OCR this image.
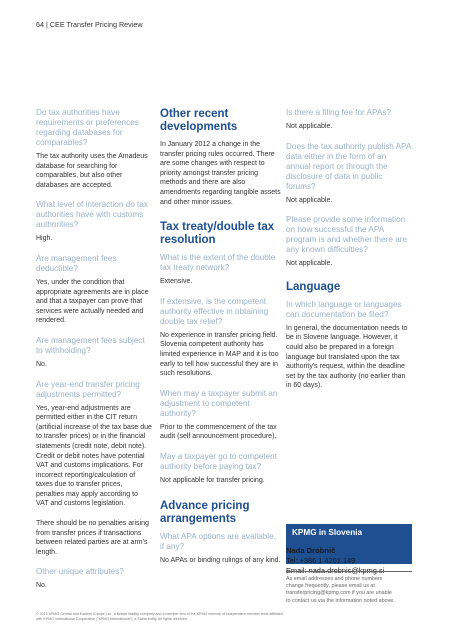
64 | CEE Transfer Pricing Review
Do tax authorities have requirements or preferences regarding databases for comparables?
The tax authority uses the Amadeus database for searching for comparables, but also other databases are accepted.
What level of interaction do tax authorities have with customs authorities?
High.
Are management fees deductible?
Yes, under the condition that appropriate agreements are in place and that a taxpayer can prove that services were actually needed and rendered.
Are management fees subject to withholding?
No.
Are year-end transfer pricing adjustments permitted?
Yes, year-end adjustments are permitted either in the CIT return (artificial increase of the tax base due to transfer prices) or in the financial statements (credit note, debit note). Credit or debit notes have potential VAT and customs implications. For incorrect reporting/calculation of taxes due to transfer prices, penalties may apply according to VAT and customs legislation.
There should be no penalties arising from transfer prices if transactions between related parties are at arm's length.
Other unique attributes?
No.
Other recent developments
In January 2012 a change in the transfer pricing rules occurred. There are some changes with respect to priority amongst transfer pricing methods and there are also amendments regarding tangible assets and other minor issues.
Tax treaty/double tax resolution
What is the extent of the double tax treaty network?
Extensive.
If extensive, is the competent authority effective in obtaining double tax relief?
No experience in transfer pricing field. Slovenia competent authority has limited experience in MAP and it is too early to tell how successful they are in such resolutions.
When may a taxpayer submit an adjustment to competent authority?
Prior to the commencement of the tax audit (self announcement procedure).
May a taxpayer go to competent authority before paying tax?
Not applicable for transfer pricing.
Advance pricing arrangements
What APA options are available, if any?
No APAs or binding rulings of any kind.
Is there a filing fee for APAs?
Not applicable.
Does the tax authority publish APA data either in the form of an annual report or through the disclosure of data in public forums?
Not applicable.
Please provide some information on how successful the APA program is and whether there are any known difficulties?
Not applicable.
Language
In which language or languages can documentation be filed?
In general, the documentation needs to be in Slovene language. However, it could also be prepared in a foreign language but translated upon the tax authority's request, within the deadline set by the tax authority (no earlier than in 60 days).
KPMG in Slovenia
Nada Drobnič
Tel: +386 1 4201 149
As email addresses and phone numbers
change frequently, please email us at
transferpricing@kpmg.com if you are unable
to contact us via the information noted above.
© 2013 KPMG Central and Eastern Europe Ltd., a limited liability company and a member firm of the KPMG network of independent member firms affiliated
with KPMG International Cooperative ("KPMG International"), a Swiss entity. All rights reserved.
